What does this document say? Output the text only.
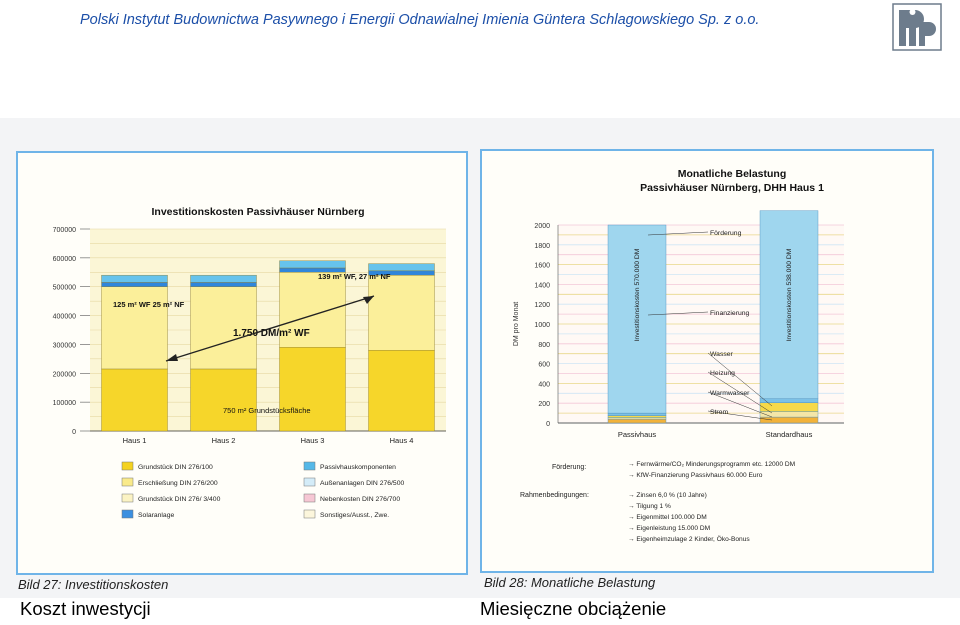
Polski Instytut Budownictwa Pasywnego i Energii Odnawialnej Imienia Güntera Schlagowskiego Sp. z o.o.
Investitionskosten Passivhäuser Nürnberg
0
100000
200000
300000
400000
500000
600000
700000
Haus 1	Haus 2	Haus 3	Haus 4
125 m² WF 25 m² NF
139 m² WF, 27 m² NF
1.750 DM/m² WF
750 m² Grundstücksfläche
Grundstück DIN 276/100
Erschließung DIN 276/200
Grundstück DIN 276/ 3/400
Solaranlage
Passivhauskomponenten
Außenanlagen DIN 276/500
Nebenkosten DIN 276/700
Sonstiges/Ausst., Zwe.
Bild 27: Investitionskosten
Koszt inwestycji
Monatliche Belastung
Passivhäuser Nürnberg, DHH Haus 1
0
200
400
600
800
1000
1200
1400
1600
1800
2000
DM pro Monat
Passivhaus
Investitionskosten 570.000 DM
Standardhaus
Investitionskosten 538.000 DM
Förderung
Finanzierung
Wasser
Heizung
Warmwasser
Strom
Förderung:	→ Fernwärme/CO₂ Minderungsprogramm etc. 12000 DM
→ KfW-Finanzierung Passivhaus 60.000 Euro
Rahmenbedingungen:	→ Zinsen 6,0 % (10 Jahre)
→ Tilgung 1 %
→ Eigenmittel 100.000 DM
→ Eigenleistung 15.000 DM
→ Eigenheimzulage 2 Kinder, Öko-Bonus
Bild 28: Monatliche Belastung
Miesięczne obciążenie
